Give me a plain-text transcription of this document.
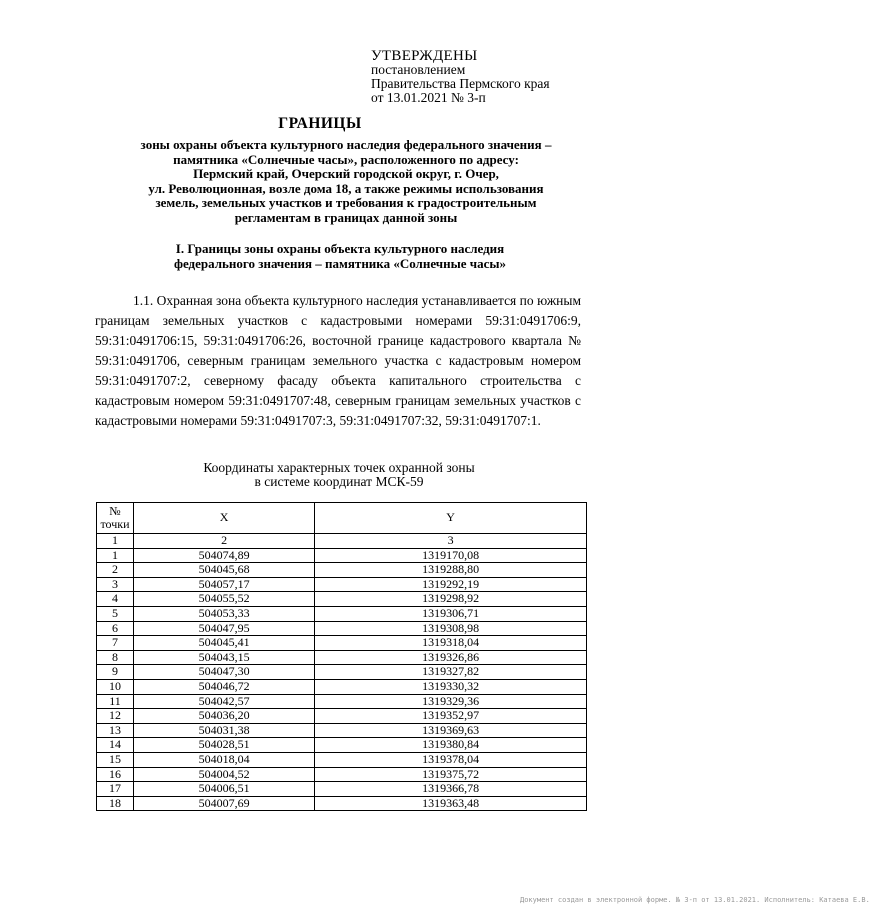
УТВЕРЖДЕНЫ
постановлением
Правительства Пермского края
от 13.01.2021 № 3-п
ГРАНИЦЫ
зоны охраны объекта культурного наследия федерального значения –
памятника «Солнечные часы», расположенного по адресу:
Пермский край, Очерский городской округ, г. Очер,
ул. Революционная, возле дома 18, а также режимы использования
земель, земельных участков и требования к градостроительным
регламентам в границах данной зоны
I. Границы зоны охраны объекта культурного наследия
федерального значения – памятника «Солнечные часы»
1.1. Охранная зона объекта культурного наследия устанавливается по южным границам земельных участков с кадастровыми номерами 59:31:0491706:9, 59:31:0491706:15, 59:31:0491706:26, восточной границе кадастрового квартала № 59:31:0491706, северным границам земельного участка с кадастровым номером 59:31:0491707:2, северному фасаду объекта капитального строительства с кадастровым номером 59:31:0491707:48, северным границам земельных участков с кадастровыми номерами 59:31:0491707:3, 59:31:0491707:32, 59:31:0491707:1.
Координаты характерных точек охранной зоны
в системе координат МСК-59
№
точки	X	Y
1	2	3
1	504074,89	1319170,08
2	504045,68	1319288,80
3	504057,17	1319292,19
4	504055,52	1319298,92
5	504053,33	1319306,71
6	504047,95	1319308,98
7	504045,41	1319318,04
8	504043,15	1319326,86
9	504047,30	1319327,82
10	504046,72	1319330,32
11	504042,57	1319329,36
12	504036,20	1319352,97
13	504031,38	1319369,63
14	504028,51	1319380,84
15	504018,04	1319378,04
16	504004,52	1319375,72
17	504006,51	1319366,78
18	504007,69	1319363,48
Документ создан в электронной форме. № 3-п от 13.01.2021. Исполнитель: Катаева Е.В.
